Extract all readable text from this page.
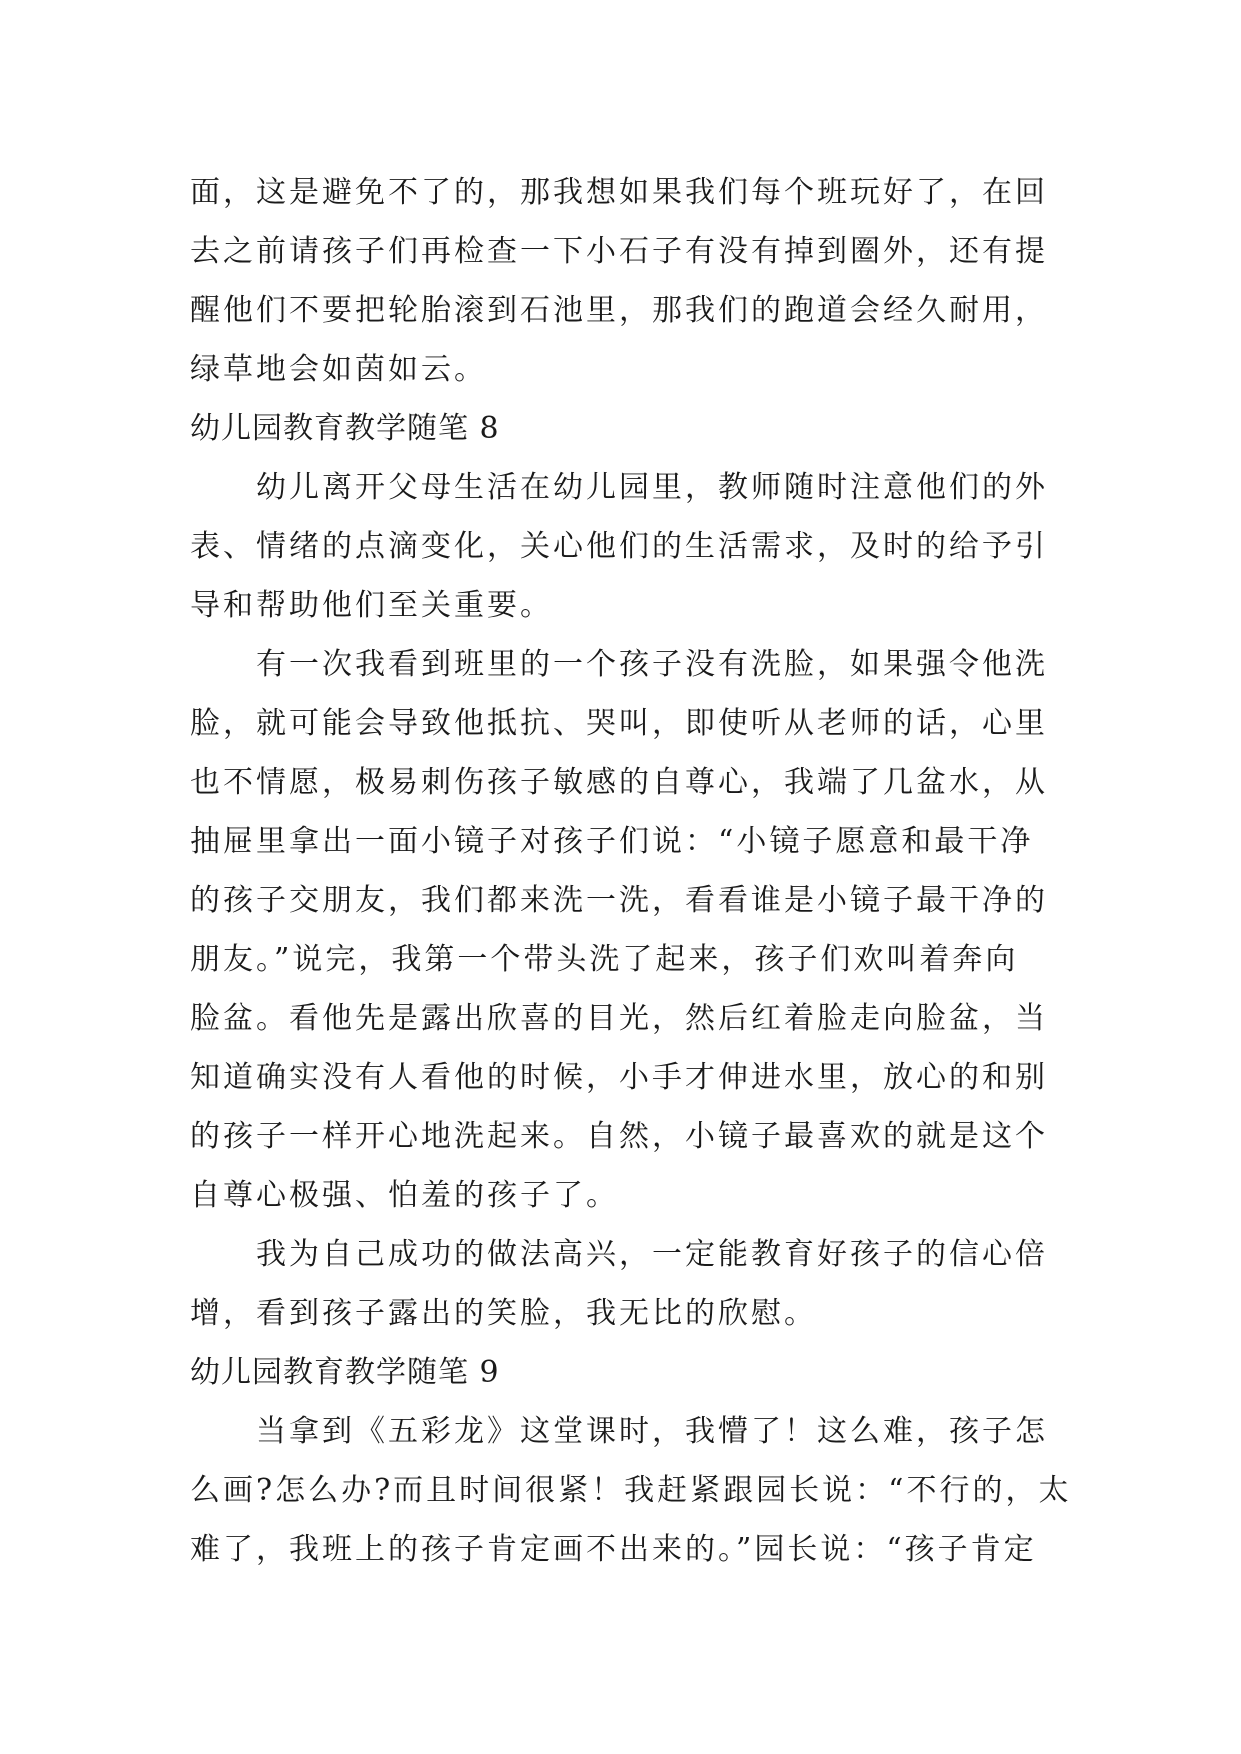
面，这是避免不了的，那我想如果我们每个班玩好了，在回
去之前请孩子们再检查一下小石子有没有掉到圈外，还有提
醒他们不要把轮胎滚到石池里，那我们的跑道会经久耐用，
绿草地会如茵如云。
幼儿园教育教学随笔 8
幼儿离开父母生活在幼儿园里，教师随时注意他们的外
表、情绪的点滴变化，关心他们的生活需求，及时的给予引
导和帮助他们至关重要。
有一次我看到班里的一个孩子没有洗脸，如果强令他洗
脸，就可能会导致他抵抗、哭叫，即使听从老师的话，心里
也不情愿，极易刺伤孩子敏感的自尊心，我端了几盆水，从
抽屉里拿出一面小镜子对孩子们说：“小镜子愿意和最干净
的孩子交朋友，我们都来洗一洗，看看谁是小镜子最干净的
朋友。”说完，我第一个带头洗了起来，孩子们欢叫着奔向
脸盆。看他先是露出欣喜的目光，然后红着脸走向脸盆，当
知道确实没有人看他的时候，小手才伸进水里，放心的和别
的孩子一样开心地洗起来。自然，小镜子最喜欢的就是这个
自尊心极强、怕羞的孩子了。
我为自己成功的做法高兴，一定能教育好孩子的信心倍
增，看到孩子露出的笑脸，我无比的欣慰。
幼儿园教育教学随笔 9
当拿到《五彩龙》这堂课时，我懵了！这么难，孩子怎
么画?怎么办?而且时间很紧！我赶紧跟园长说：“不行的，太
难了，我班上的孩子肯定画不出来的。”园长说：“孩子肯定
